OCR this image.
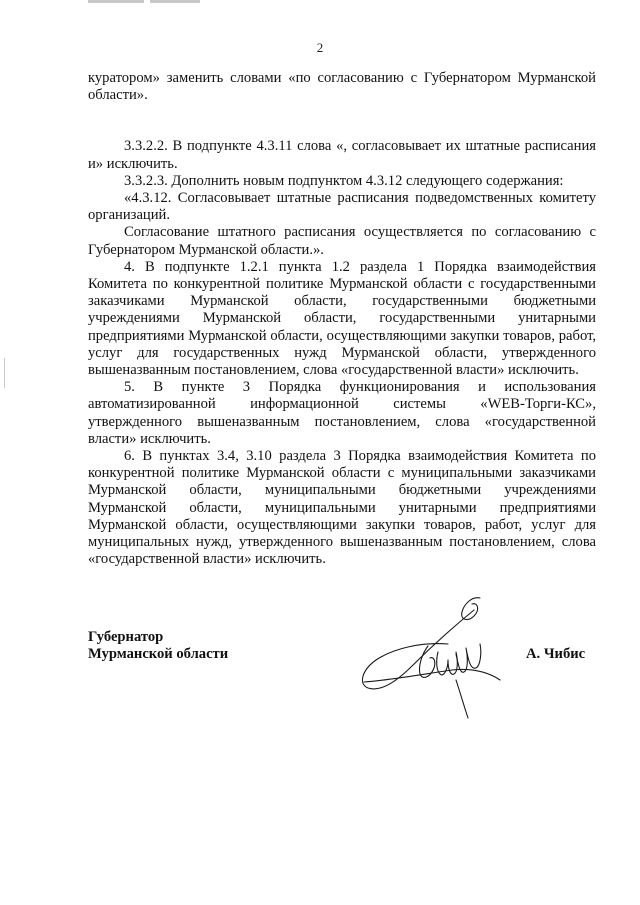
2

куратором» заменить словами «по согласованию с Губернатором Мурманской области».

3.3.2.2. В подпункте 4.3.11 слова «, согласовывает их штатные расписания и» исключить.

3.3.2.3. Дополнить новым подпунктом 4.3.12 следующего содержания:

«4.3.12. Согласовывает штатные расписания подведомственных комитету организаций.

Согласование штатного расписания осуществляется по согласованию с Губернатором Мурманской области.».

4. В подпункте 1.2.1 пункта 1.2 раздела 1 Порядка взаимодействия Комитета по конкурентной политике Мурманской области с государственными заказчиками Мурманской области, государственными бюджетными учреждениями Мурманской области, государственными унитарными предприятиями Мурманской области, осуществляющими закупки товаров, работ, услуг для государственных нужд Мурманской области, утвержденного вышеназванным постановлением, слова «государственной власти» исключить.

5. В пункте 3 Порядка функционирования и использования автоматизированной информационной системы «WEB-Торги-КС», утвержденного вышеназванным постановлением, слова «государственной власти» исключить.

6. В пунктах 3.4, 3.10 раздела 3 Порядка взаимодействия Комитета по конкурентной политике Мурманской области с муниципальными заказчиками Мурманской области, муниципальными бюджетными учреждениями Мурманской области, муниципальными унитарными предприятиями Мурманской области, осуществляющими закупки товаров, работ, услуг для муниципальных нужд, утвержденного вышеназванным постановлением, слова «государственной власти» исключить.

Губернатор
Мурманской области	А. Чибис
